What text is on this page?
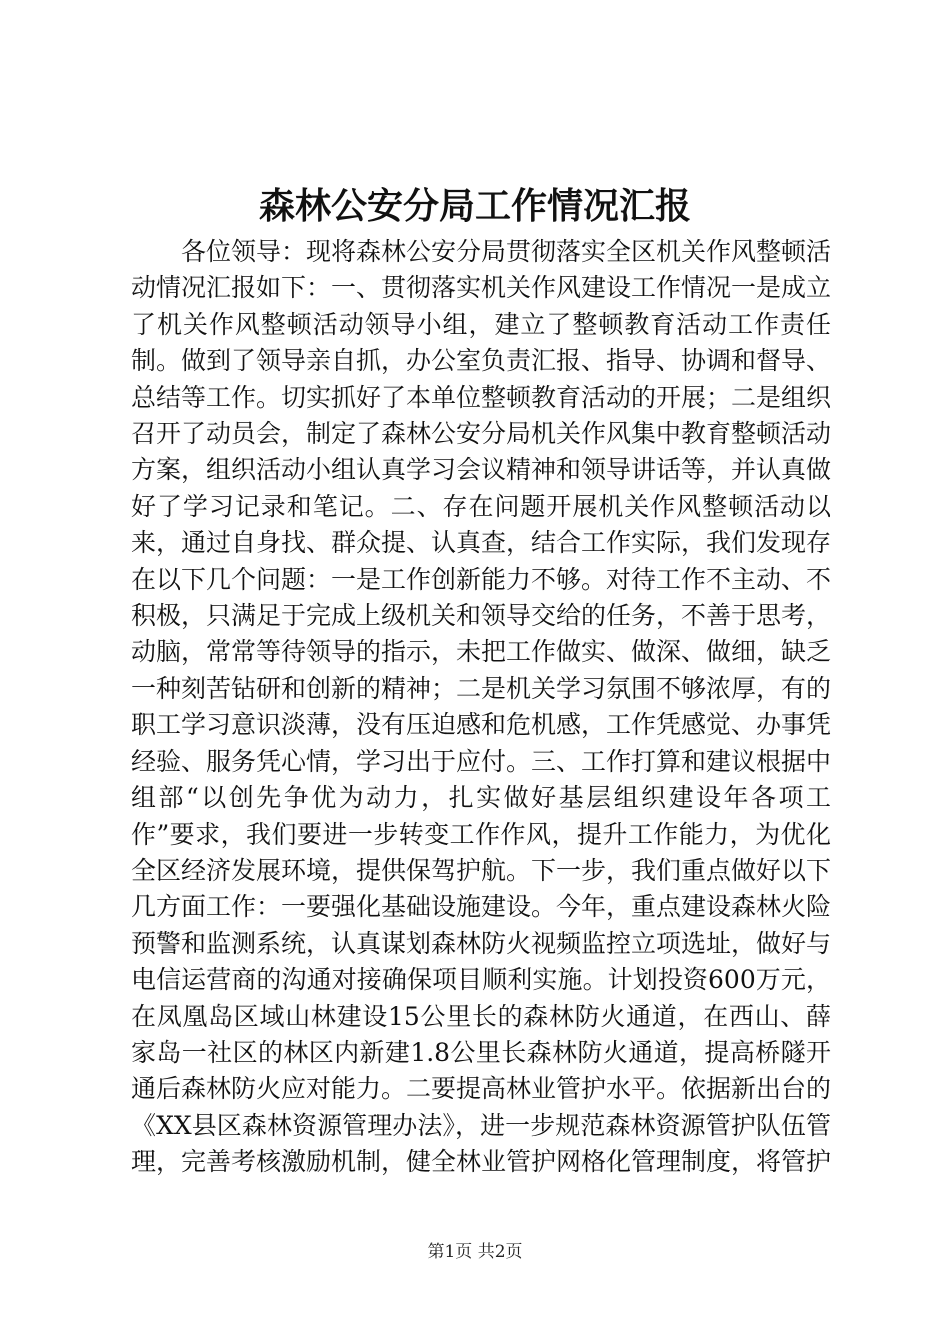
森林公安分局工作情况汇报

各位领导：现将森林公安分局贯彻落实全区机关作风整顿活动情况汇报如下：一、贯彻落实机关作风建设工作情况一是成立了机关作风整顿活动领导小组，建立了整顿教育活动工作责任制。做到了领导亲自抓，办公室负责汇报、指导、协调和督导、总结等工作。切实抓好了本单位整顿教育活动的开展；二是组织召开了动员会，制定了森林公安分局机关作风集中教育整顿活动方案，组织活动小组认真学习会议精神和领导讲话等，并认真做好了学习记录和笔记。二、存在问题开展机关作风整顿活动以来，通过自身找、群众提、认真查，结合工作实际，我们发现存在以下几个问题：一是工作创新能力不够。对待工作不主动、不积极，只满足于完成上级机关和领导交给的任务，不善于思考，动脑，常常等待领导的指示，未把工作做实、做深、做细，缺乏一种刻苦钻研和创新的精神；二是机关学习氛围不够浓厚，有的职工学习意识淡薄，没有压迫感和危机感，工作凭感觉、办事凭经验、服务凭心情，学习出于应付。三、工作打算和建议根据中组部“以创先争优为动力，扎实做好基层组织建设年各项工作”要求，我们要进一步转变工作作风，提升工作能力，为优化全区经济发展环境，提供保驾护航。下一步，我们重点做好以下几方面工作：一要强化基础设施建设。今年，重点建设森林火险预警和监测系统，认真谋划森林防火视频监控立项选址，做好与电信运营商的沟通对接确保项目顺利实施。计划投资600万元，在凤凰岛区域山林建设15公里长的森林防火通道，在西山、薛家岛一社区的林区内新建1.8公里长森林防火通道，提高桥隧开通后森林防火应对能力。二要提高林业管护水平。依据新出台的《XX县区森林资源管理办法》，进一步规范森林资源管护队伍管理，完善考核激励机制，健全林业管护网格化管理制度，将管护

第1页 共2页
